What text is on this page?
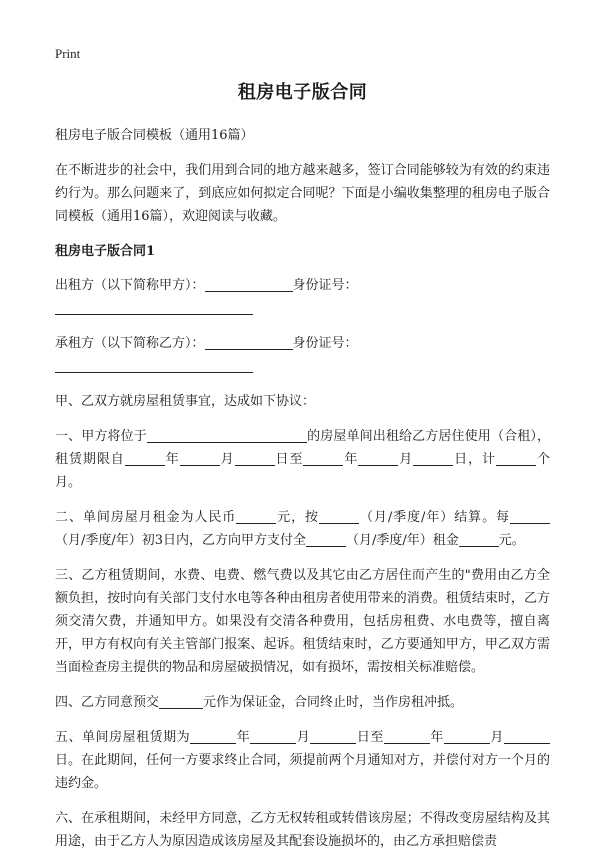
Print
租房电子版合同

租房电子版合同模板（通用16篇）

在不断进步的社会中，我们用到合同的地方越来越多，签订合同能够较为有效的约束违约行为。那么问题来了，到底应如何拟定合同呢？下面是小编收集整理的租房电子版合同模板（通用16篇），欢迎阅读与收藏。

租房电子版合同1

出租方（以下简称甲方）：	身份证号：

承租方（以下简称乙方）：	身份证号：

甲、乙双方就房屋租赁事宜，达成如下协议：

一、甲方将位于	的房屋单间出租给乙方居住使用（合租），租赁期限自	年	月	日至	年	月	日，计	个月。

二、单间房屋月租金为人民币	元，按	（月/季度/年）结算。每（月/季度/年）初3日内，乙方向甲方支付全	（月/季度/年）租金	元。

三、乙方租赁期间，水费、电费、燃气费以及其它由乙方居住而产生的"费用由乙方全额负担，按时向有关部门支付水电等各种由租房者使用带来的消费。租赁结束时，乙方须交清欠费，并通知甲方。如果没有交清各种费用，包括房租费、水电费等，擅自离开，甲方有权向有关主管部门报案、起诉。租赁结束时，乙方要通知甲方，甲乙双方需当面检查房主提供的物品和房屋破损情况，如有损坏，需按相关标准赔偿。

四、乙方同意预交	元作为保证金，合同终止时，当作房租冲抵。

五、单间房屋租赁期为	年	月	日至	年	月日。在此期间，任何一方要求终止合同，须提前两个月通知对方，并偿付对方一个月的违约金。

六、在承租期间，未经甲方同意，乙方无权转租或转借该房屋；不得改变房屋结构及其用途，由于乙方人为原因造成该房屋及其配套设施损坏的，由乙方承担赔偿责
